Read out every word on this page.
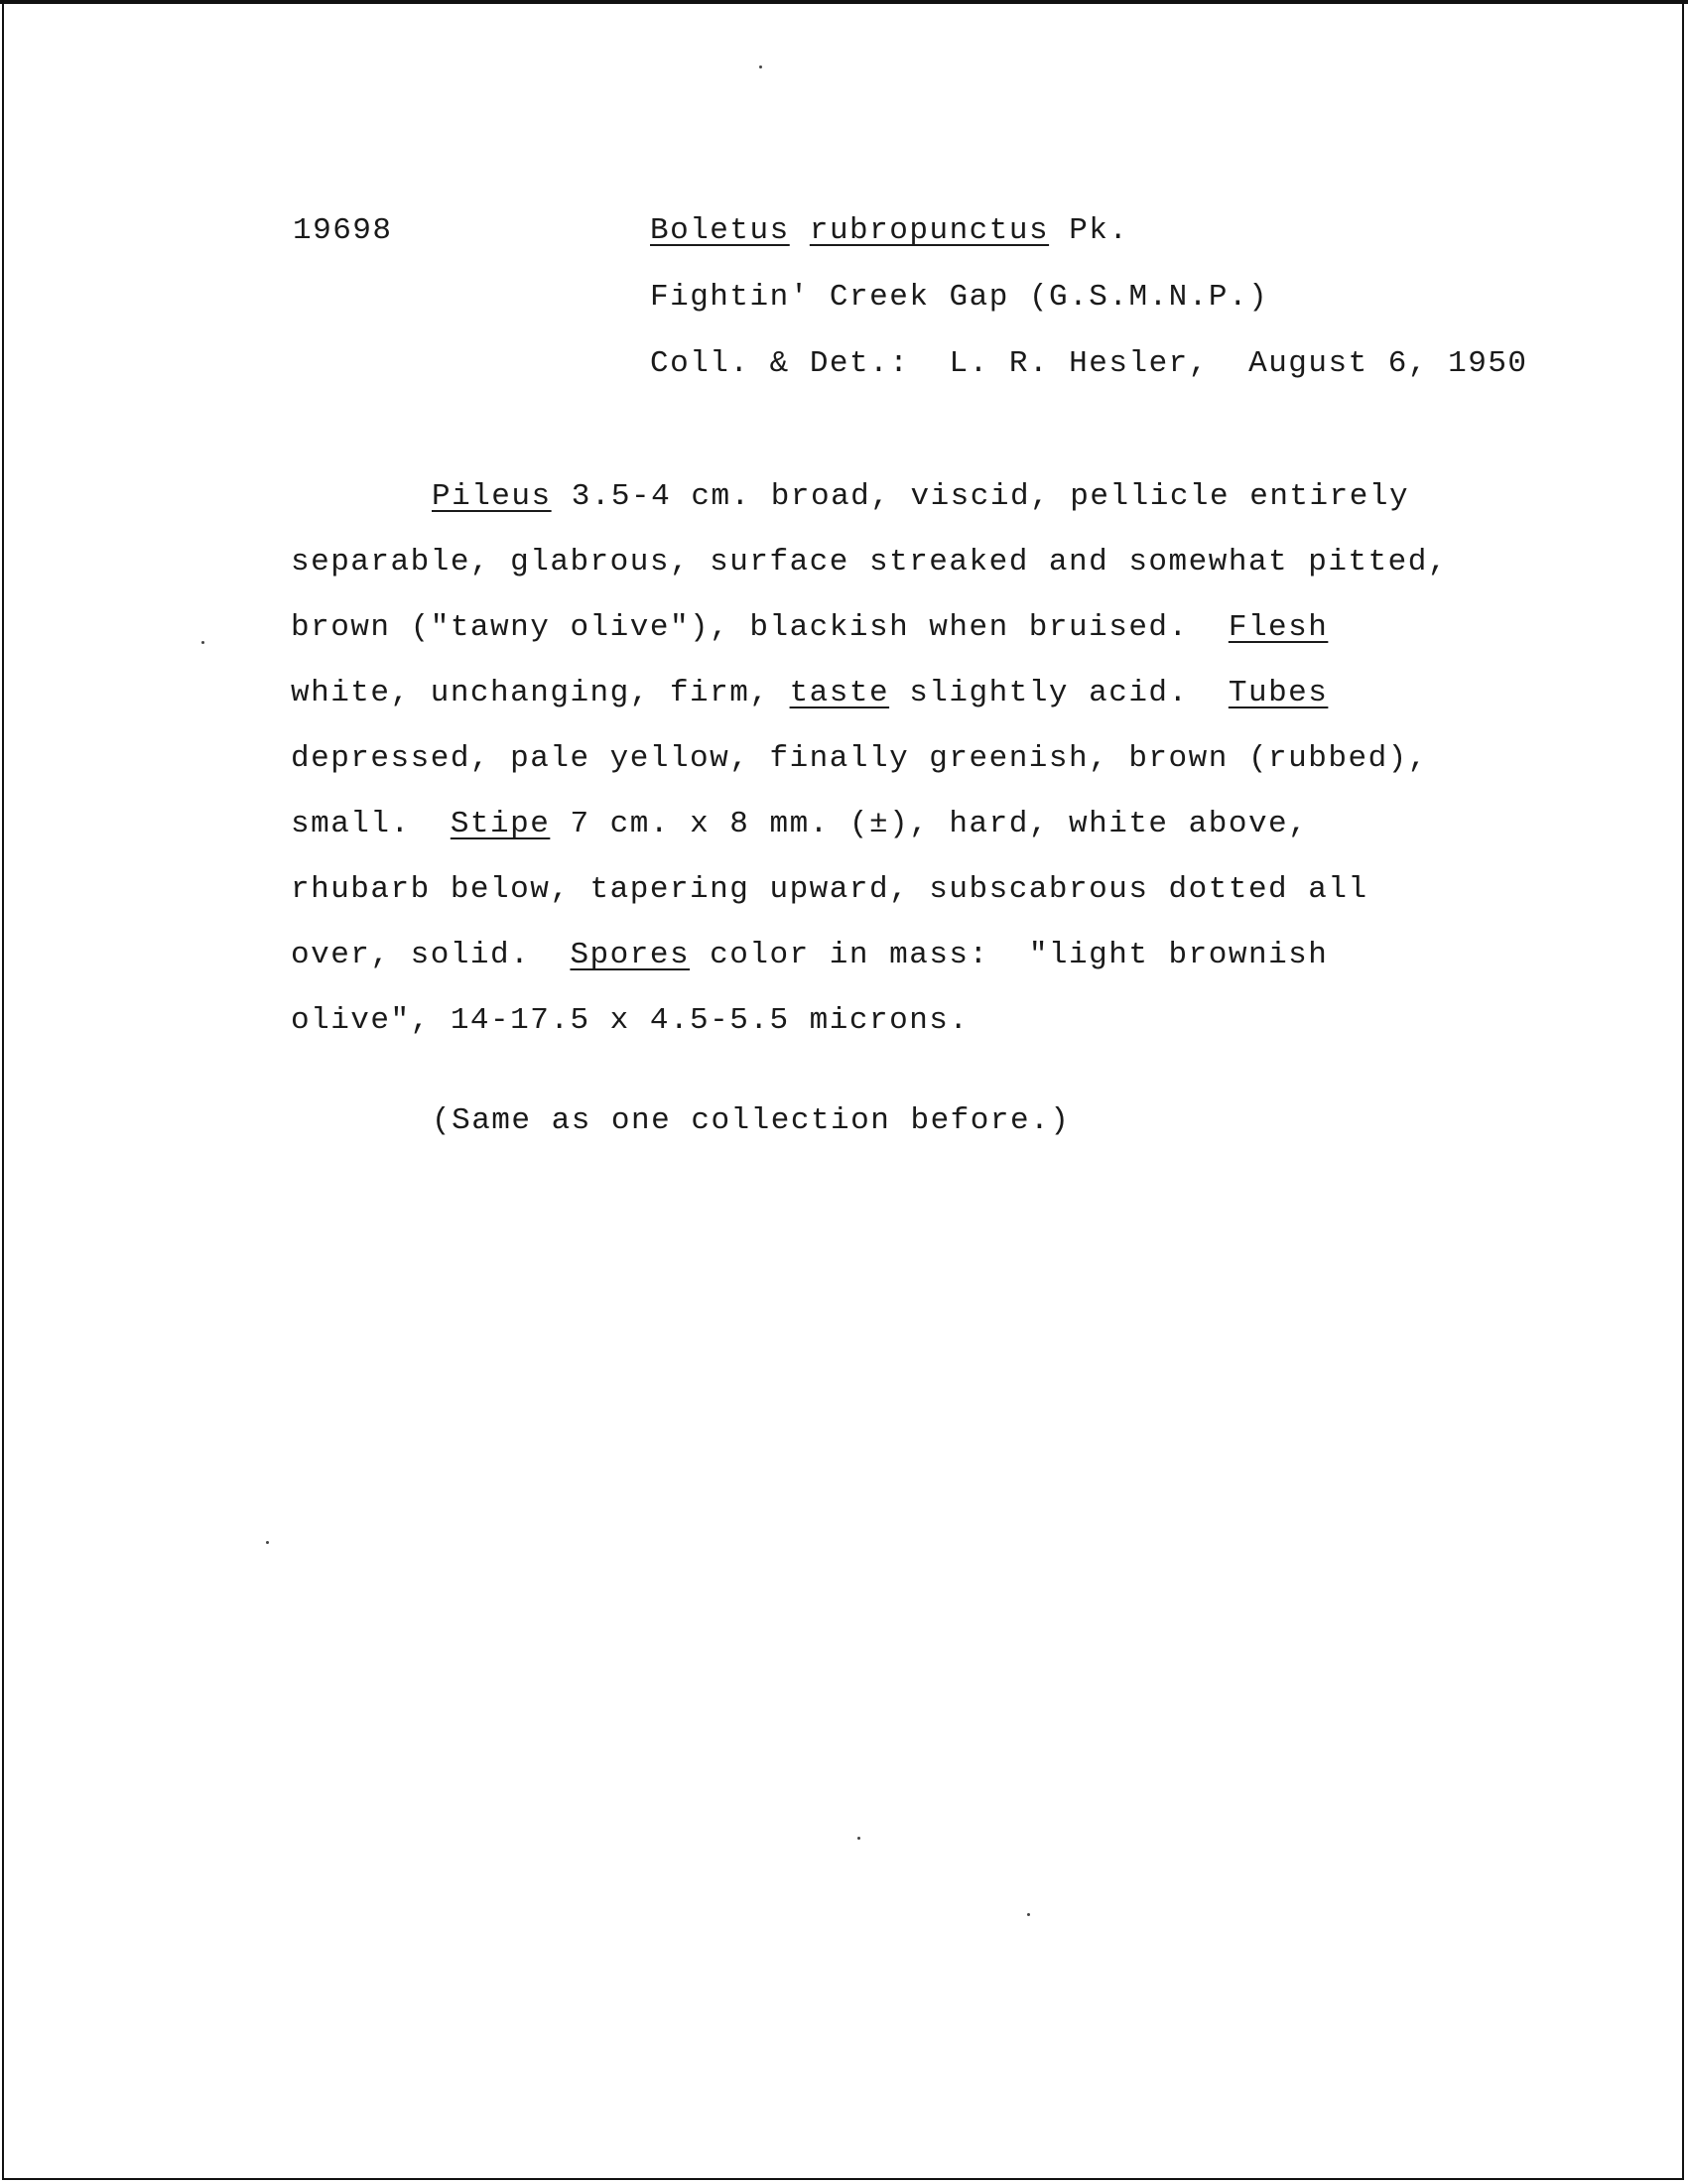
19698	Boletus rubropunctus Pk.
Fightin' Creek Gap (G.S.M.N.P.)
Coll. & Det.:  L. R. Hesler,  August 6, 1950
Pileus 3.5-4 cm. broad, viscid, pellicle entirely
separable, glabrous, surface streaked and somewhat pitted,
brown ("tawny olive"), blackish when bruised.  Flesh
white, unchanging, firm, taste slightly acid.  Tubes
depressed, pale yellow, finally greenish, brown (rubbed),
small.  Stipe 7 cm. x 8 mm. (±), hard, white above,
rhubarb below, tapering upward, subscabrous dotted all
over, solid.  Spores color in mass:  "light brownish
olive", 14-17.5 x 4.5-5.5 microns.
(Same as one collection before.)
